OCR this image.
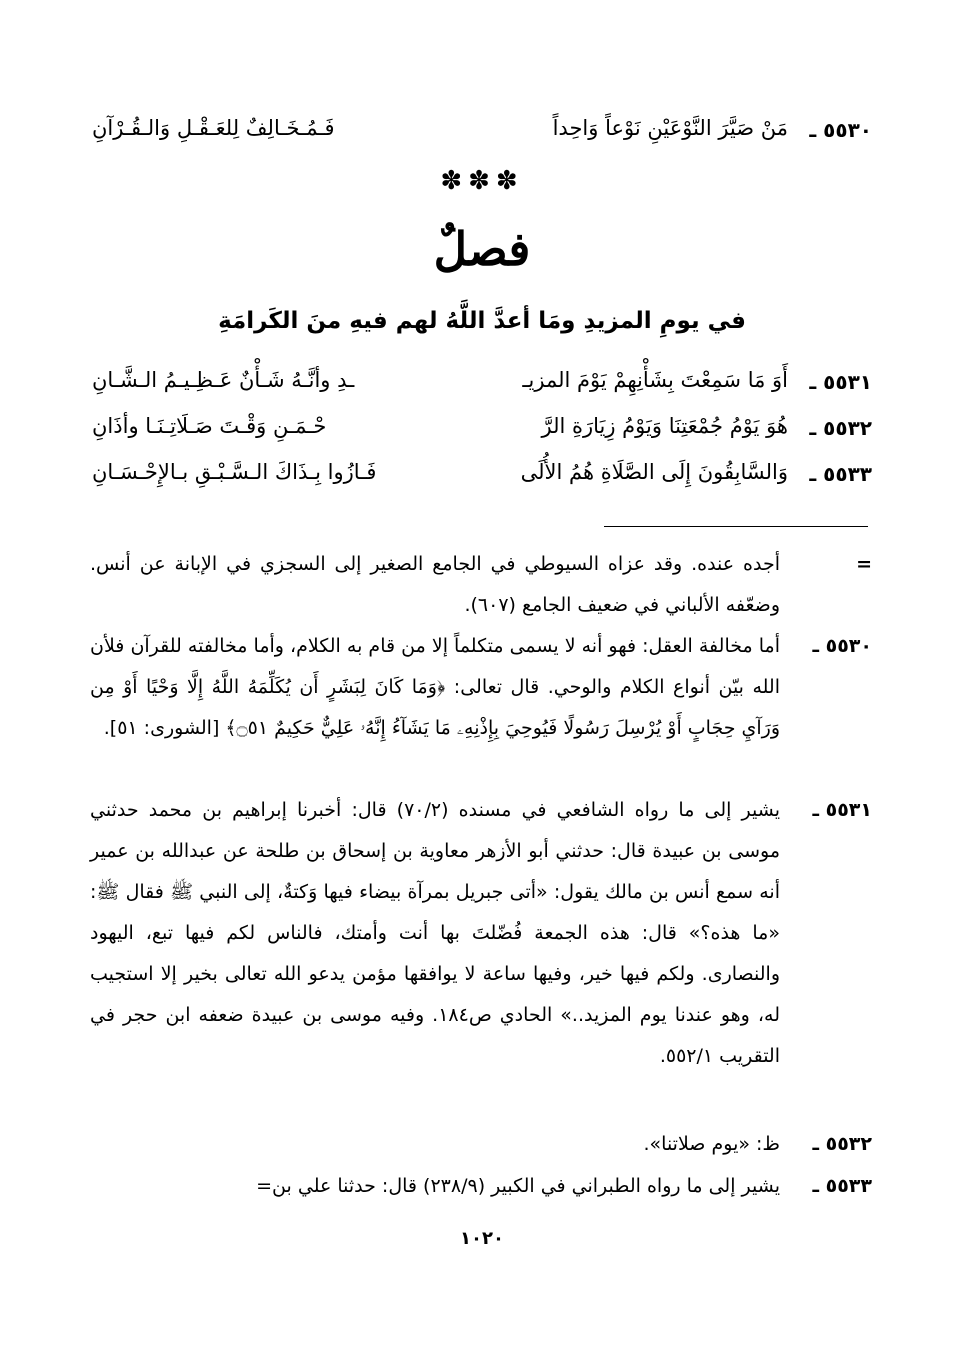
٥٥٣٠ ـ
مَنْ صَيَّرَ النَّوْعَيْنِ نَوْعاً وَاحِداً
فَـمُـخَـالِفٌ لِلعَـقْـلِ وَالـقُـرْآنِ
✽✽✽
فصلٌ
في يومِ المزيدِ ومَا أعدَّ اللَّهُ لهم فيهِ منَ الكَرامَةِ
٥٥٣١ ـ
أَوَ مَا سَمِعْتَ بِشَأْنِهِمْ يَوْمَ المزيـ
ـدِ وأنَّـهُ شَـأْنٌ عَـظِـيـمُ الـشَّـانِ
٥٥٣٢ ـ
هُوَ يَوْمُ جُمْعَتِنَا وَيَوْمُ زِيَارَةِ الرَّ
حْـمَـنِ وَقْـتَ صَـلَاتِـنَـا وأذَانِ
٥٥٣٣ ـ
وَالسَّابِقُونَ إِلَى الصَّلَاةِ هُمُ الأُلَى
فَـازُوا بِـذَاكَ الـسَّـبْـقِ بـالإِحْـسَـانِ
=
أجده عنده. وقد عزاه السيوطي في الجامع الصغير إلى السجزي في الإبانة عن أنس. وضعّفه الألباني في ضعيف الجامع (٦٠٧).
٥٥٣٠ ـ
أما مخالفة العقل: فهو أنه لا يسمى متكلماً إلا من قام به الكلام، وأما مخالفته للقرآن فلأن الله بيّن أنواع الكلام والوحي. قال تعالى: ﴿وَمَا كَانَ لِبَشَرٍ أَن يُكَلِّمَهُ اللَّهُ إِلَّا وَحْيًا أَوْ مِن وَرَآيِ حِجَابٍ أَوْ يُرْسِلَ رَسُولًا فَيُوحِيَ بِإِذْنِهِۦ مَا يَشَآءُ إِنَّهُۥ عَلِيٌّ حَكِيمٌ ۝٥١﴾ [الشورى: ٥١].
٥٥٣١ ـ
يشير إلى ما رواه الشافعي في مسنده (٧٠/٢) قال: أخبرنا إبراهيم بن محمد حدثني موسى بن عبيدة قال: حدثني أبو الأزهر معاوية بن إسحاق بن طلحة عن عبدالله بن عمير أنه سمع أنس بن مالك يقول: «أتى جبريل بمرآة بيضاء فيها وَكتةٌ، إلى النبي ﷺ فقال ﷺ: «ما هذه؟» قال: هذه الجمعة فُضّلتَ بها أنت وأمتك، فالناس لكم فيها تبع، اليهود والنصارى. ولكم فيها خير، وفيها ساعة لا يوافقها مؤمن يدعو الله تعالى بخير إلا استجيب له، وهو عندنا يوم المزيد..» الحادي ص١٨٤. وفيه موسى بن عبيدة ضعفه ابن حجر في التقريب ٥٥٢/١.
٥٥٣٢ ـ
ظ: «يوم صلاتنا».
٥٥٣٣ ـ
يشير إلى ما رواه الطبراني في الكبير (٢٣٨/٩) قال: حدثنا علي بن=
١٠٢٠
